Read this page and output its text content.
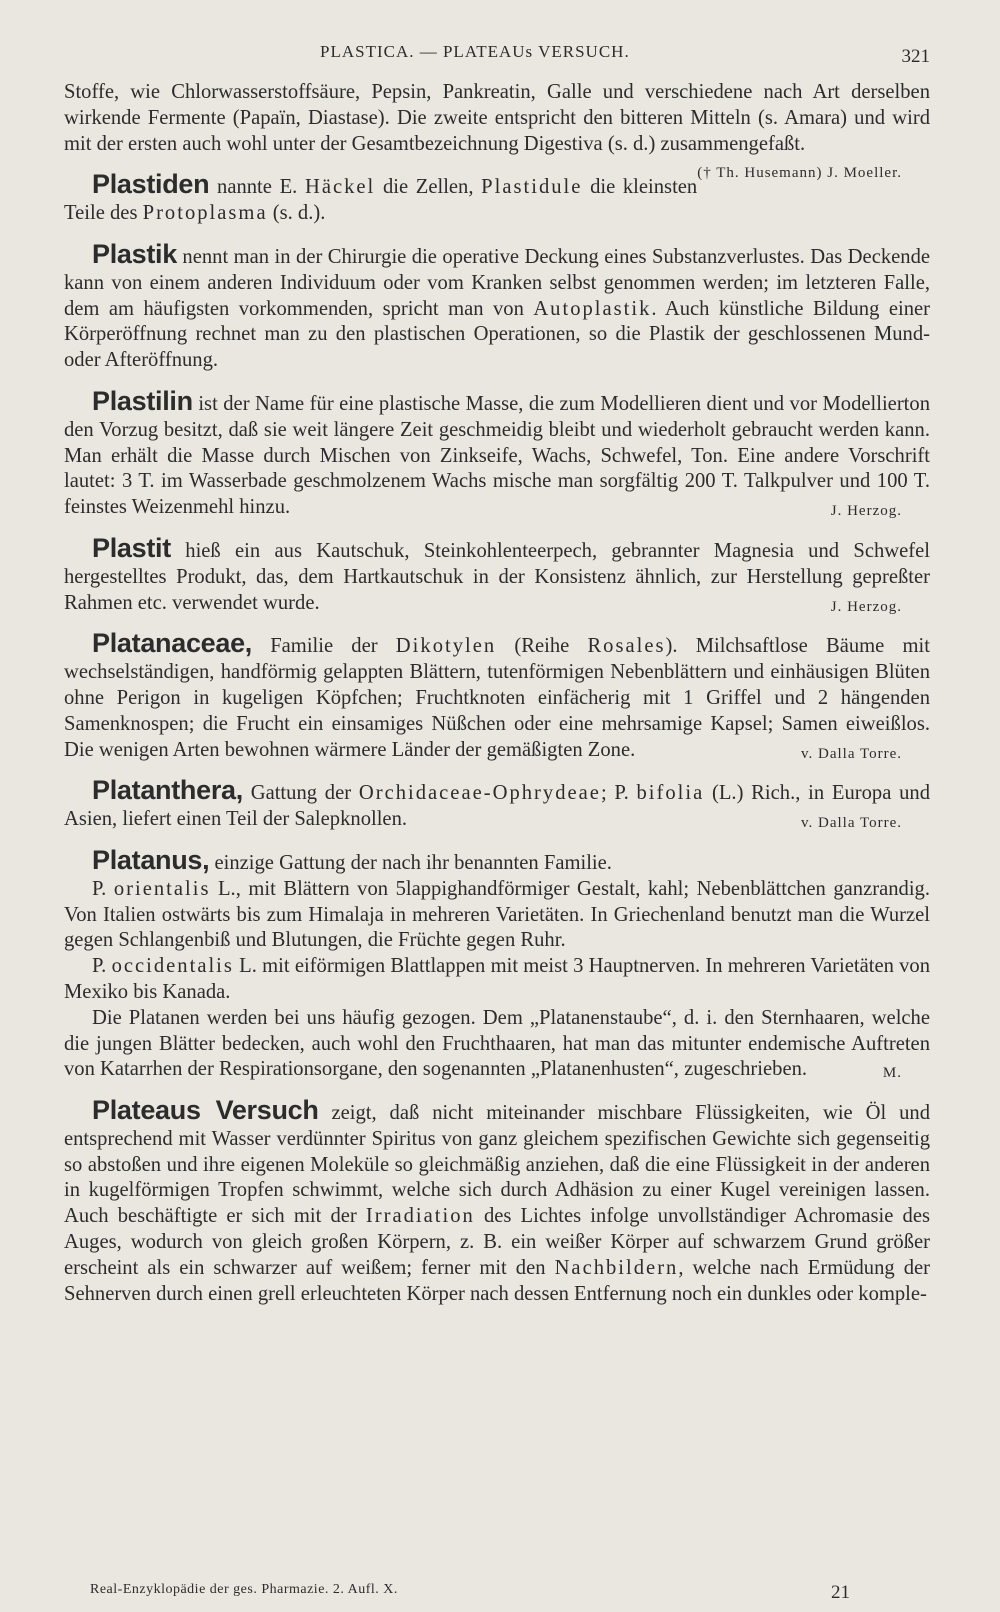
PLASTICA. — PLATEAUs VERSUCH.	321

Stoffe, wie Chlorwasserstoffsäure, Pepsin, Pankreatin, Galle und verschiedene nach Art derselben wirkende Fermente (Papaïn, Diastase). Die zweite entspricht den bitteren Mitteln (s. Amara) und wird mit der ersten auch wohl unter der Gesamtbezeichnung Digestiva (s. d.) zusammengefaßt.
(† Th. Husemann) J. Moeller.

Plastiden nannte E. Häckel die Zellen, Plastidule die kleinsten Teile des Protoplasma (s. d.).

Plastik nennt man in der Chirurgie die operative Deckung eines Substanzverlustes. Das Deckende kann von einem anderen Individuum oder vom Kranken selbst genommen werden; im letzteren Falle, dem am häufigsten vorkommenden, spricht man von Autoplastik. Auch künstliche Bildung einer Körperöffnung rechnet man zu den plastischen Operationen, so die Plastik der geschlossenen Mund- oder Afteröffnung.

Plastilin ist der Name für eine plastische Masse, die zum Modellieren dient und vor Modellierton den Vorzug besitzt, daß sie weit längere Zeit geschmeidig bleibt und wiederholt gebraucht werden kann. Man erhält die Masse durch Mischen von Zinkseife, Wachs, Schwefel, Ton. Eine andere Vorschrift lautet: 3 T. im Wasserbade geschmolzenem Wachs mische man sorgfältig 200 T. Talkpulver und 100 T. feinstes Weizenmehl hinzu.	J. Herzog.

Plastit hieß ein aus Kautschuk, Steinkohlenteerpech, gebrannter Magnesia und Schwefel hergestelltes Produkt, das, dem Hartkautschuk in der Konsistenz ähnlich, zur Herstellung gepreßter Rahmen etc. verwendet wurde.	J. Herzog.

Platanaceae, Familie der Dikotylen (Reihe Rosales). Milchsaftlose Bäume mit wechselständigen, handförmig gelappten Blättern, tutenförmigen Nebenblättern und einhäusigen Blüten ohne Perigon in kugeligen Köpfchen; Fruchtknoten einfächerig mit 1 Griffel und 2 hängenden Samenknospen; die Frucht ein einsamiges Nüßchen oder eine mehrsamige Kapsel; Samen eiweißlos. Die wenigen Arten bewohnen wärmere Länder der gemäßigten Zone.	v. Dalla Torre.

Platanthera, Gattung der Orchidaceae-Ophrydeae; P. bifolia (L.) Rich., in Europa und Asien, liefert einen Teil der Salepknollen.	v. Dalla Torre.

Platanus, einzige Gattung der nach ihr benannten Familie.

P. orientalis L., mit Blättern von 5lappighandförmiger Gestalt, kahl; Nebenblättchen ganzrandig. Von Italien ostwärts bis zum Himalaja in mehreren Varietäten. In Griechenland benutzt man die Wurzel gegen Schlangenbiß und Blutungen, die Früchte gegen Ruhr.

P. occidentalis L. mit eiförmigen Blattlappen mit meist 3 Hauptnerven. In mehreren Varietäten von Mexiko bis Kanada.

Die Platanen werden bei uns häufig gezogen. Dem „Platanenstaube“, d. i. den Sternhaaren, welche die jungen Blätter bedecken, auch wohl den Fruchthaaren, hat man das mitunter endemische Auftreten von Katarrhen der Respirationsorgane, den sogenannten „Platanenhusten“, zugeschrieben.	M.

Plateaus Versuch zeigt, daß nicht miteinander mischbare Flüssigkeiten, wie Öl und entsprechend mit Wasser verdünnter Spiritus von ganz gleichem spezifischen Gewichte sich gegenseitig so abstoßen und ihre eigenen Moleküle so gleichmäßig anziehen, daß die eine Flüssigkeit in der anderen in kugelförmigen Tropfen schwimmt, welche sich durch Adhäsion zu einer Kugel vereinigen lassen. Auch beschäftigte er sich mit der Irradiation des Lichtes infolge unvollständiger Achromasie des Auges, wodurch von gleich großen Körpern, z. B. ein weißer Körper auf schwarzem Grund größer erscheint als ein schwarzer auf weißem; ferner mit den Nachbildern, welche nach Ermüdung der Sehnerven durch einen grell erleuchteten Körper nach dessen Entfernung noch ein dunkles oder komple-

Real-Enzyklopädie der ges. Pharmazie. 2. Aufl. X.	21
